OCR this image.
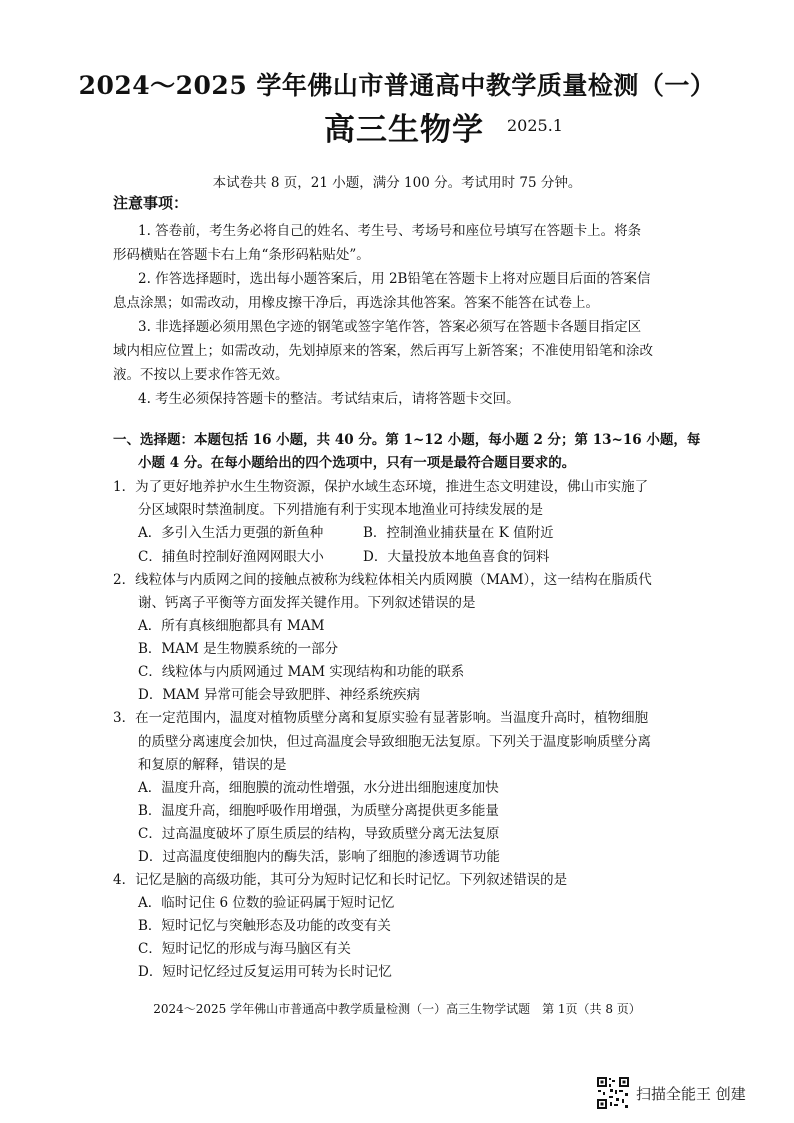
2024～2025 学年佛山市普通高中教学质量检测（一）
高三生物学 2025.1
本试卷共 8 页，21 小题，满分 100 分。考试用时 75 分钟。
注意事项：
1. 答卷前，考生务必将自己的姓名、考生号、考场号和座位号填写在答题卡上。将条
形码横贴在答题卡右上角“条形码粘贴处”。
2. 作答选择题时，选出每小题答案后，用 2B铅笔在答题卡上将对应题目后面的答案信
息点涂黑；如需改动，用橡皮擦干净后，再选涂其他答案。答案不能答在试卷上。
3. 非选择题必须用黑色字迹的钢笔或签字笔作答，答案必须写在答题卡各题目指定区
域内相应位置上；如需改动，先划掉原来的答案，然后再写上新答案；不准使用铅笔和涂改
液。不按以上要求作答无效。
4. 考生必须保持答题卡的整洁。考试结束后，请将答题卡交回。
一、选择题：本题包括 16 小题，共 40 分。第 1~12 小题，每小题 2 分；第 13~16 小题，每
小题 4 分。在每小题给出的四个选项中，只有一项是最符合题目要求的。
1．为了更好地养护水生生物资源，保护水域生态环境，推进生态文明建设，佛山市实施了
分区域限时禁渔制度。下列措施有利于实现本地渔业可持续发展的是
A．多引入生活力更强的新鱼种	B．控制渔业捕获量在 K 值附近
C．捕鱼时控制好渔网网眼大小	D．大量投放本地鱼喜食的饲料
2．线粒体与内质网之间的接触点被称为线粒体相关内质网膜（MAM），这一结构在脂质代
谢、钙离子平衡等方面发挥关键作用。下列叙述错误的是
A．所有真核细胞都具有 MAM
B．MAM 是生物膜系统的一部分
C．线粒体与内质网通过 MAM 实现结构和功能的联系
D．MAM 异常可能会导致肥胖、神经系统疾病
3．在一定范围内，温度对植物质壁分离和复原实验有显著影响。当温度升高时，植物细胞
的质壁分离速度会加快，但过高温度会导致细胞无法复原。下列关于温度影响质壁分离
和复原的解释，错误的是
A．温度升高，细胞膜的流动性增强，水分进出细胞速度加快
B．温度升高，细胞呼吸作用增强，为质壁分离提供更多能量
C．过高温度破坏了原生质层的结构，导致质壁分离无法复原
D．过高温度使细胞内的酶失活，影响了细胞的渗透调节功能
4．记忆是脑的高级功能，其可分为短时记忆和长时记忆。下列叙述错误的是
A．临时记住 6 位数的验证码属于短时记忆
B．短时记忆与突触形态及功能的改变有关
C．短时记忆的形成与海马脑区有关
D．短时记忆经过反复运用可转为长时记忆
2024～2025 学年佛山市普通高中教学质量检测（一）高三生物学试题　第 1页（共 8 页）
扫描全能王 创建
